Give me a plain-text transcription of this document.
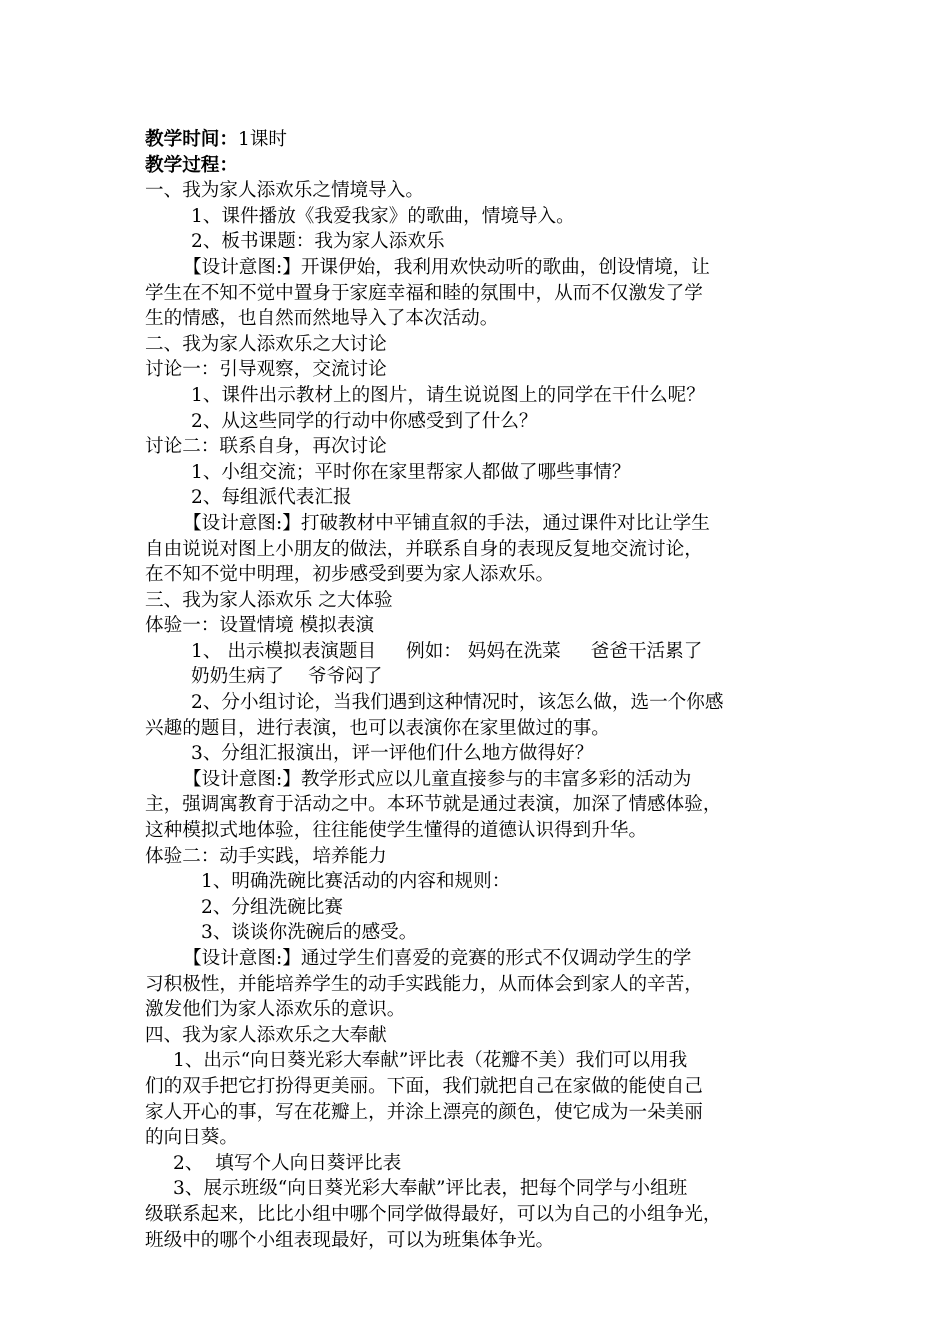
教学时间：1课时
教学过程：
一、我为家人添欢乐之情境导入。
1、课件播放《我爱我家》的歌曲，情境导入。
2、板书课题：我为家人添欢乐
【设计意图:】开课伊始，我利用欢快动听的歌曲，创设情境，让
学生在不知不觉中置身于家庭幸福和睦的氛围中，从而不仅激发了学
生的情感，也自然而然地导入了本次活动。
二、我为家人添欢乐之大讨论
讨论一：引导观察，交流讨论
1、课件出示教材上的图片，请生说说图上的同学在干什么呢？
2、从这些同学的行动中你感受到了什么？
讨论二：联系自身，再次讨论
1、小组交流；平时你在家里帮家人都做了哪些事情？
2、每组派代表汇报
【设计意图:】打破教材中平铺直叙的手法，通过课件对比让学生
自由说说对图上小朋友的做法，并联系自身的表现反复地交流讨论，
在不知不觉中明理，初步感受到要为家人添欢乐。
三、我为家人添欢乐 之大体验
体验一：设置情境 模拟表演
1、 出示模拟表演题目 例如： 妈妈在洗菜 爸爸干活累了
奶奶生病了 爷爷闷了
2、分小组讨论，当我们遇到这种情况时，该怎么做，选一个你感
兴趣的题目，进行表演，也可以表演你在家里做过的事。
3、分组汇报演出，评一评他们什么地方做得好？
【设计意图:】教学形式应以儿童直接参与的丰富多彩的活动为
主，强调寓教育于活动之中。本环节就是通过表演，加深了情感体验，
这种模拟式地体验，往往能使学生懂得的道德认识得到升华。
体验二：动手实践，培养能力
1、明确洗碗比赛活动的内容和规则：
2、分组洗碗比赛
3、谈谈你洗碗后的感受。
【设计意图:】通过学生们喜爱的竞赛的形式不仅调动学生的学
习积极性，并能培养学生的动手实践能力，从而体会到家人的辛苦，
激发他们为家人添欢乐的意识。
四、我为家人添欢乐之大奉献
1、出示“向日葵光彩大奉献”评比表（花瓣不美）我们可以用我
们的双手把它打扮得更美丽。下面，我们就把自己在家做的能使自己
家人开心的事，写在花瓣上，并涂上漂亮的颜色，使它成为一朵美丽
的向日葵。
2、  填写个人向日葵评比表
3、展示班级“向日葵光彩大奉献”评比表，把每个同学与小组班
级联系起来，比比小组中哪个同学做得最好，可以为自己的小组争光，
班级中的哪个小组表现最好，可以为班集体争光。
